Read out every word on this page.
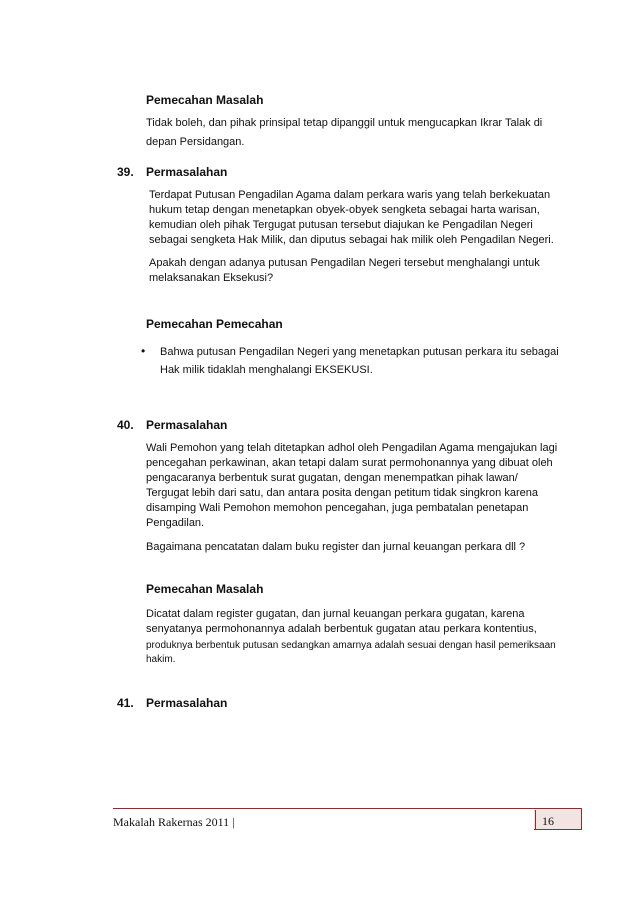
Pemecahan Masalah
Tidak boleh, dan pihak prinsipal tetap dipanggil untuk mengucapkan Ikrar Talak di
depan Persidangan.
39. Permasalahan
Terdapat Putusan Pengadilan Agama dalam perkara waris yang telah berkekuatan
hukum tetap dengan menetapkan obyek-obyek sengketa sebagai harta warisan,
kemudian oleh pihak Tergugat putusan tersebut diajukan ke Pengadilan Negeri
sebagai sengketa Hak Milik, dan diputus sebagai hak milik oleh Pengadilan Negeri.
Apakah dengan adanya putusan Pengadilan Negeri tersebut menghalangi untuk
melaksanakan Eksekusi?
Pemecahan Pemecahan
• Bahwa putusan Pengadilan Negeri yang menetapkan putusan perkara itu sebagai
Hak milik tidaklah menghalangi EKSEKUSI.
40. Permasalahan
Wali Pemohon yang telah ditetapkan adhol oleh Pengadilan Agama mengajukan lagi
pencegahan perkawinan, akan tetapi dalam surat permohonannya yang dibuat oleh
pengacaranya berbentuk surat gugatan, dengan menempatkan pihak lawan/
Tergugat lebih dari satu, dan antara posita dengan petitum tidak singkron karena
disamping Wali Pemohon memohon pencegahan, juga pembatalan penetapan
Pengadilan.
Bagaimana pencatatan dalam buku register dan jurnal keuangan perkara dll ?
Pemecahan Masalah
Dicatat dalam register gugatan, dan jurnal keuangan perkara gugatan, karena
senyatanya permohonannya adalah berbentuk gugatan atau perkara kontentius,
produknya berbentuk putusan sedangkan amarnya adalah sesuai dengan hasil pemeriksaan
hakim.
41. Permasalahan
Makalah Rakernas 2011 |	16
